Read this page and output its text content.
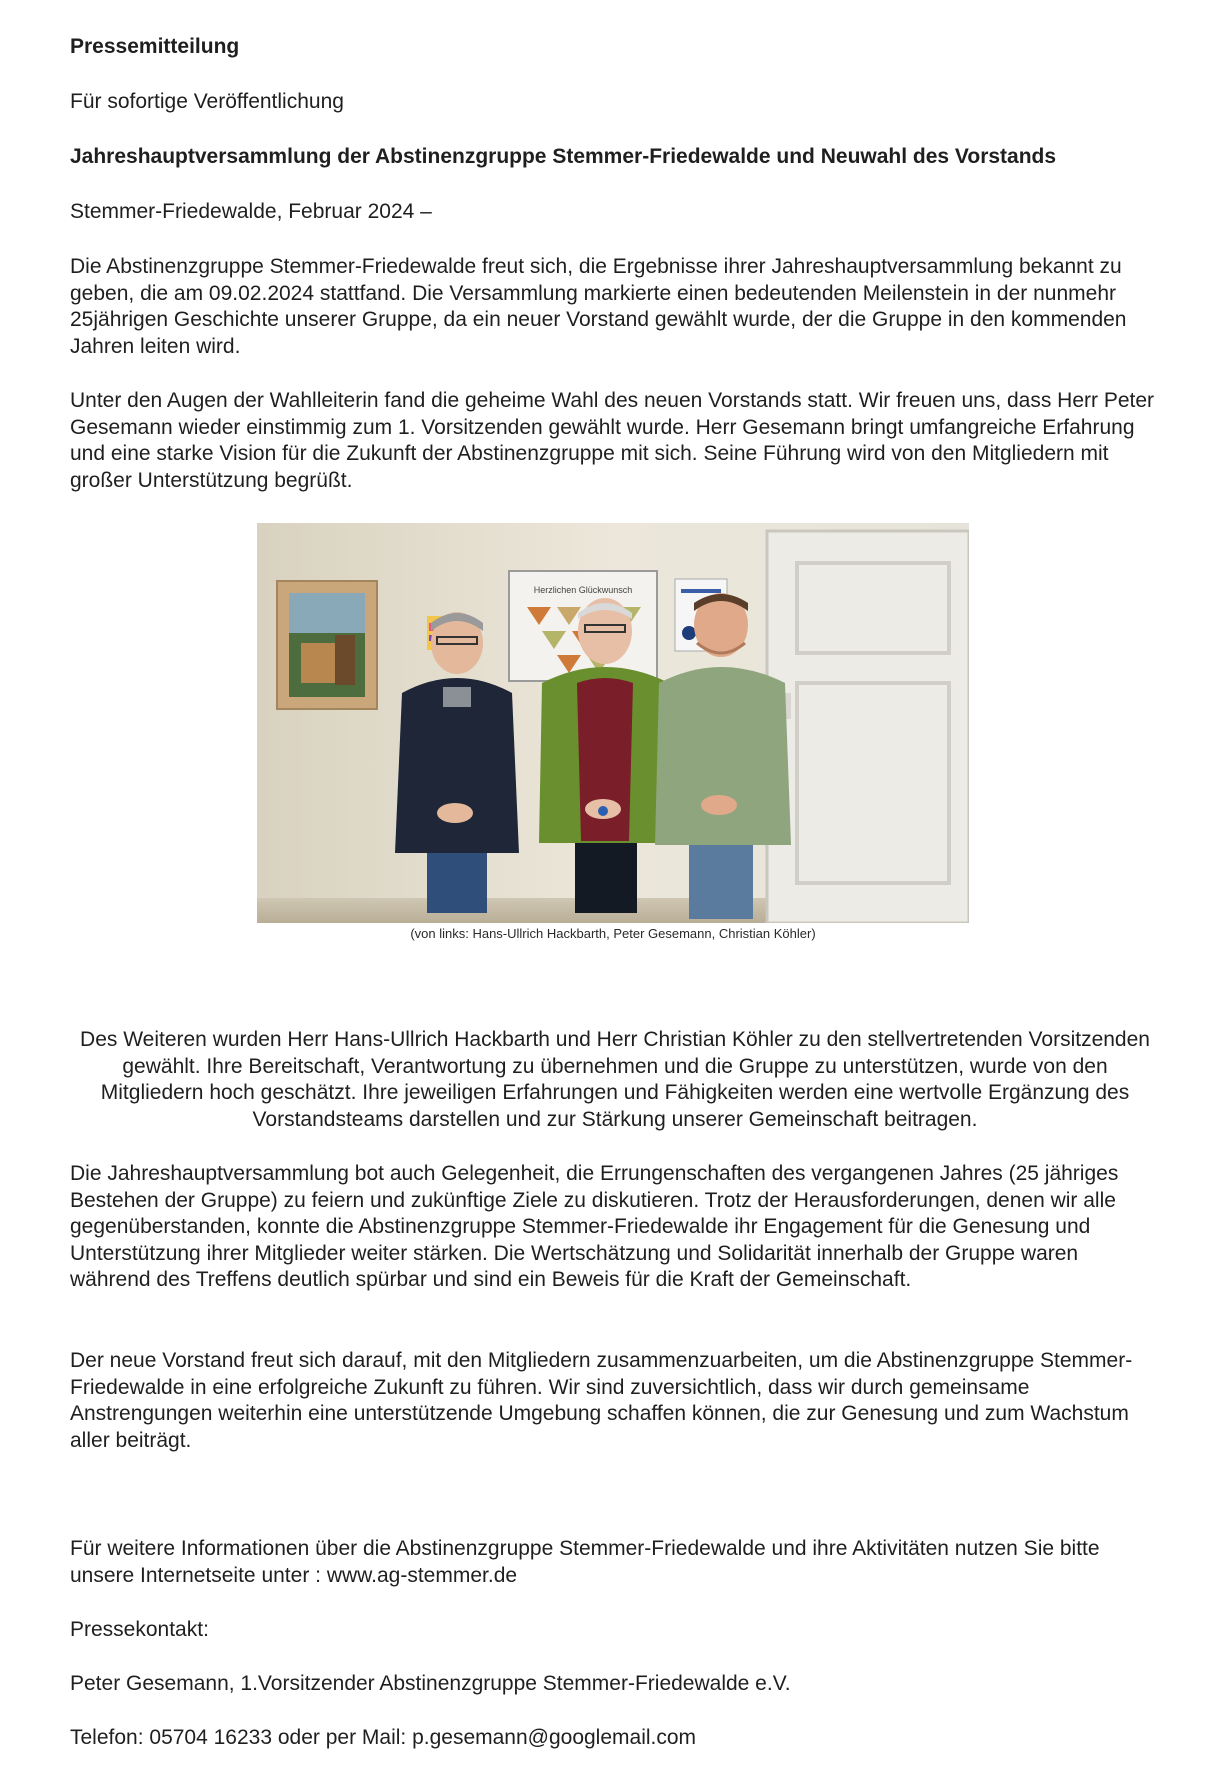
Pressemitteilung

Für sofortige Veröffentlichung

Jahreshauptversammlung der Abstinenzgruppe Stemmer-Friedewalde und Neuwahl des Vorstands

Stemmer-Friedewalde, Februar 2024 –

Die Abstinenzgruppe Stemmer-Friedewalde freut sich, die Ergebnisse ihrer Jahreshauptversammlung bekannt zu geben, die am 09.02.2024 stattfand. Die Versammlung markierte einen bedeutenden Meilenstein in der nunmehr 25jährigen Geschichte unserer Gruppe, da ein neuer Vorstand gewählt wurde, der die Gruppe in den kommenden Jahren leiten wird.

Unter den Augen der Wahlleiterin fand die geheime Wahl des neuen Vorstands statt. Wir freuen uns, dass Herr Peter Gesemann wieder einstimmig zum 1. Vorsitzenden gewählt wurde. Herr Gesemann bringt umfangreiche Erfahrung und eine starke Vision für die Zukunft der Abstinenzgruppe mit sich. Seine Führung wird von den Mitgliedern mit großer Unterstützung begrüßt.

Des Weiteren wurden Herr Hans-Ullrich Hackbarth und Herr Christian Köhler zu den stellvertretenden Vorsitzenden gewählt. Ihre Bereitschaft, Verantwortung zu übernehmen und die Gruppe zu unterstützen, wurde von den Mitgliedern hoch geschätzt. Ihre jeweiligen Erfahrungen und Fähigkeiten werden eine wertvolle Ergänzung des Vorstandsteams darstellen und zur Stärkung unserer Gemeinschaft beitragen.

Die Jahreshauptversammlung bot auch Gelegenheit, die Errungenschaften des vergangenen Jahres (25 jähriges Bestehen der Gruppe) zu feiern und zukünftige Ziele zu diskutieren. Trotz der Herausforderungen, denen wir alle gegenüberstanden, konnte die Abstinenzgruppe Stemmer-Friedewalde ihr Engagement für die Genesung und Unterstützung ihrer Mitglieder weiter stärken. Die Wertschätzung und Solidarität innerhalb der Gruppe waren während des Treffens deutlich spürbar und sind ein Beweis für die Kraft der Gemeinschaft.

Der neue Vorstand freut sich darauf, mit den Mitgliedern zusammenzuarbeiten, um die Abstinenzgruppe Stemmer-Friedewalde in eine erfolgreiche Zukunft zu führen. Wir sind zuversichtlich, dass wir durch gemeinsame Anstrengungen weiterhin eine unterstützende Umgebung schaffen können, die zur Genesung und zum Wachstum aller beiträgt.

Für weitere Informationen über die Abstinenzgruppe Stemmer-Friedewalde und ihre Aktivitäten nutzen Sie bitte unsere Internetseite unter : www.ag-stemmer.de

Pressekontakt:

Peter Gesemann, 1.Vorsitzender Abstinenzgruppe Stemmer-Friedewalde e.V.

Telefon: 05704 16233 oder per Mail: p.gesemann@googlemail.com

Herzlichen Glückwunsch
(von links: Hans-Ullrich Hackbarth, Peter Gesemann, Christian Köhler)
